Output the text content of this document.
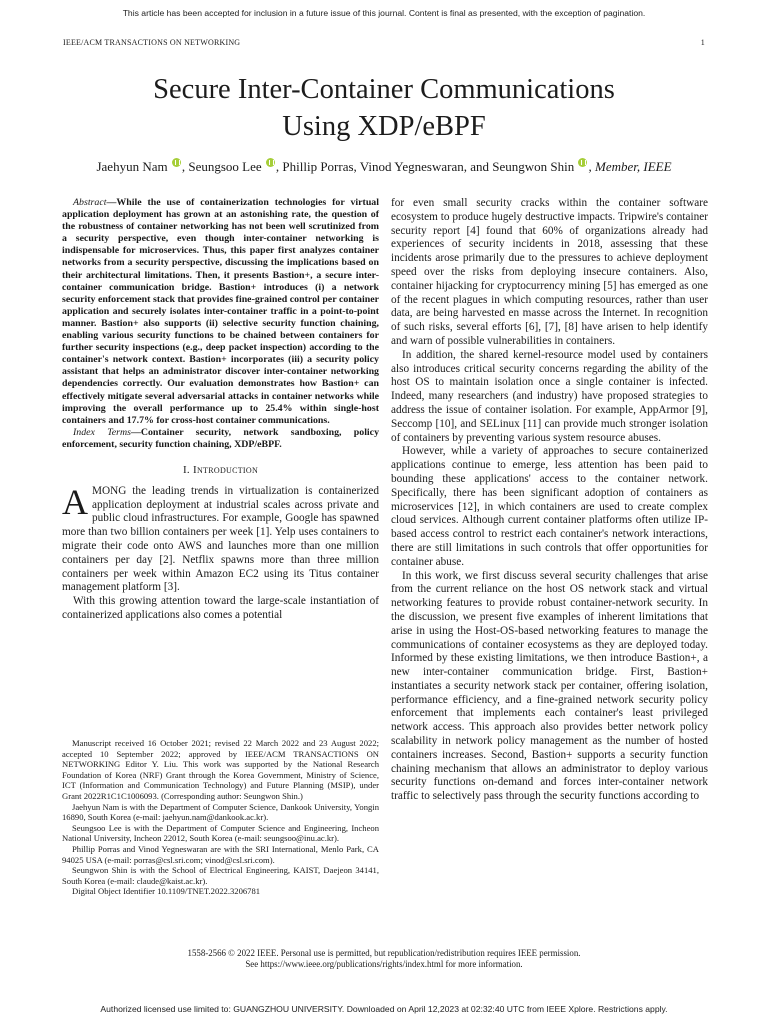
This article has been accepted for inclusion in a future issue of this journal. Content is final as presented, with the exception of pagination.
IEEE/ACM TRANSACTIONS ON NETWORKING	1
Secure Inter-Container Communications
Using XDP/eBPF
Jaehyun Nam , Seungsoo Lee , Phillip Porras, Vinod Yegneswaran, and Seungwon Shin , Member, IEEE

Abstract—While the use of containerization technologies for virtual application deployment has grown at an astonishing rate, the question of the robustness of container networking has not been well scrutinized from a security perspective, even though inter-container networking is indispensable for microservices. Thus, this paper first analyzes container networks from a security perspective, discussing the implications based on their architectural limitations. Then, it presents Bastion+, a secure inter-container communication bridge. Bastion+ introduces (i) a network security enforcement stack that provides fine-grained control per container application and securely isolates inter-container traffic in a point-to-point manner. Bastion+ also supports (ii) selective security function chaining, enabling various security functions to be chained between containers for further security inspections (e.g., deep packet inspection) according to the container's network context. Bastion+ incorporates (iii) a security policy assistant that helps an administrator discover inter-container networking dependencies correctly. Our evaluation demonstrates how Bastion+ can effectively mitigate several adversarial attacks in container networks while improving the overall performance up to 25.4% within single-host containers and 17.7% for cross-host container communications.

Index Terms—Container security, network sandboxing, policy enforcement, security function chaining, XDP/eBPF.

I. Introduction

AMONG the leading trends in virtualization is containerized application deployment at industrial scales across private and public cloud infrastructures. For example, Google has spawned more than two billion containers per week [1]. Yelp uses containers to migrate their code onto AWS and launches more than one million containers per day [2]. Netflix spawns more than three million containers per week within Amazon EC2 using its Titus container management platform [3].

With this growing attention toward the large-scale instantiation of containerized applications also comes a potential

Manuscript received 16 October 2021; revised 22 March 2022 and 23 August 2022; accepted 10 September 2022; approved by IEEE/ACM TRANSACTIONS ON NETWORKING Editor Y. Liu. This work was supported by the National Research Foundation of Korea (NRF) Grant through the Korea Government, Ministry of Science, ICT (Information and Communication Technology) and Future Planning (MSIP), under Grant 2022R1C1C1006093. (Corresponding author: Seungwon Shin.)

Jaehyun Nam is with the Department of Computer Science, Dankook University, Yongin 16890, South Korea (e-mail: jaehyun.nam@dankook.ac.kr).

Seungsoo Lee is with the Department of Computer Science and Engineering, Incheon National University, Incheon 22012, South Korea (e-mail: seungsoo@inu.ac.kr).

Phillip Porras and Vinod Yegneswaran are with the SRI International, Menlo Park, CA 94025 USA (e-mail: porras@csl.sri.com; vinod@csl.sri.com).

Seungwon Shin is with the School of Electrical Engineering, KAIST, Daejeon 34141, South Korea (e-mail: claude@kaist.ac.kr).

Digital Object Identifier 10.1109/TNET.2022.3206781

for even small security cracks within the container software ecosystem to produce hugely destructive impacts. Tripwire's container security report [4] found that 60% of organizations already had experiences of security incidents in 2018, assessing that these incidents arose primarily due to the pressures to achieve deployment speed over the risks from deploying insecure containers. Also, container hijacking for cryptocurrency mining [5] has emerged as one of the recent plagues in which computing resources, rather than user data, are being harvested en masse across the Internet. In recognition of such risks, several efforts [6], [7], [8] have arisen to help identify and warn of possible vulnerabilities in containers.

In addition, the shared kernel-resource model used by containers also introduces critical security concerns regarding the ability of the host OS to maintain isolation once a single container is infected. Indeed, many researchers (and industry) have proposed strategies to address the issue of container isolation. For example, AppArmor [9], Seccomp [10], and SELinux [11] can provide much stronger isolation of containers by preventing various system resource abuses.

However, while a variety of approaches to secure containerized applications continue to emerge, less attention has been paid to bounding these applications' access to the container network. Specifically, there has been significant adoption of containers as microservices [12], in which containers are used to create complex cloud services. Although current container platforms often utilize IP-based access control to restrict each container's network interactions, there are still limitations in such controls that offer opportunities for container abuse.

In this work, we first discuss several security challenges that arise from the current reliance on the host OS network stack and virtual networking features to provide robust container-network security. In the discussion, we present five examples of inherent limitations that arise in using the Host-OS-based networking features to manage the communications of container ecosystems as they are deployed today. Informed by these existing limitations, we then introduce Bastion+, a new inter-container communication bridge. First, Bastion+ instantiates a security network stack per container, offering isolation, performance efficiency, and a fine-grained network security policy enforcement that implements each container's least privileged network access. This approach also provides better network policy scalability in network policy management as the number of hosted containers increases. Second, Bastion+ supports a security function chaining mechanism that allows an administrator to deploy various security functions on-demand and forces inter-container network traffic to selectively pass through the security functions according to

1558-2566 © 2022 IEEE. Personal use is permitted, but republication/redistribution requires IEEE permission.
See https://www.ieee.org/publications/rights/index.html for more information.
Authorized licensed use limited to: GUANGZHOU UNIVERSITY. Downloaded on April 12,2023 at 02:32:40 UTC from IEEE Xplore. Restrictions apply.
